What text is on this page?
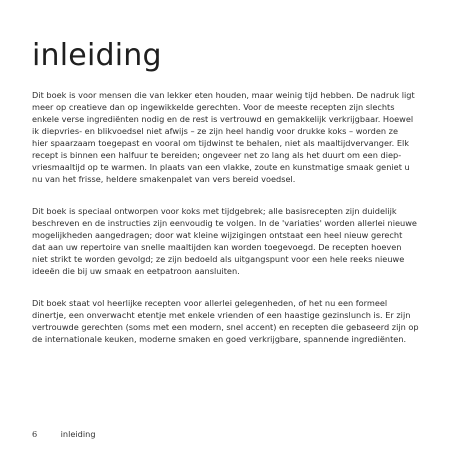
inleiding

Dit boek is voor mensen die van lekker eten houden, maar weinig tijd hebben. De nadruk ligt
meer op creatieve dan op ingewikkelde gerechten. Voor de meeste recepten zijn slechts
enkele verse ingrediënten nodig en de rest is vertrouwd en gemakkelijk verkrijgbaar. Hoewel
ik diepvries- en blikvoedsel niet afwijs – ze zijn heel handig voor drukke koks – worden ze
hier spaarzaam toegepast en vooral om tijdwinst te behalen, niet als maaltijdvervanger. Elk
recept is binnen een halfuur te bereiden; ongeveer net zo lang als het duurt om een diep-
vriesmaaltijd op te warmen. In plaats van een vlakke, zoute en kunstmatige smaak geniet u
nu van het frisse, heldere smakenpalet van vers bereid voedsel.

Dit boek is speciaal ontworpen voor koks met tijdgebrek; alle basisrecepten zijn duidelijk
beschreven en de instructies zijn eenvoudig te volgen. In de 'variaties' worden allerlei nieuwe
mogelijkheden aangedragen; door wat kleine wijzigingen ontstaat een heel nieuw gerecht
dat aan uw repertoire van snelle maaltijden kan worden toegevoegd. De recepten hoeven
niet strikt te worden gevolgd; ze zijn bedoeld als uitgangspunt voor een hele reeks nieuwe
ideeën die bij uw smaak en eetpatroon aansluiten.

Dit boek staat vol heerlijke recepten voor allerlei gelegenheden, of het nu een formeel
dinertje, een onverwacht etentje met enkele vrienden of een haastige gezinslunch is. Er zijn
vertrouwde gerechten (soms met een modern, snel accent) en recepten die gebaseerd zijn op
de internationale keuken, moderne smaken en goed verkrijgbare, spannende ingrediënten.

6	inleiding
